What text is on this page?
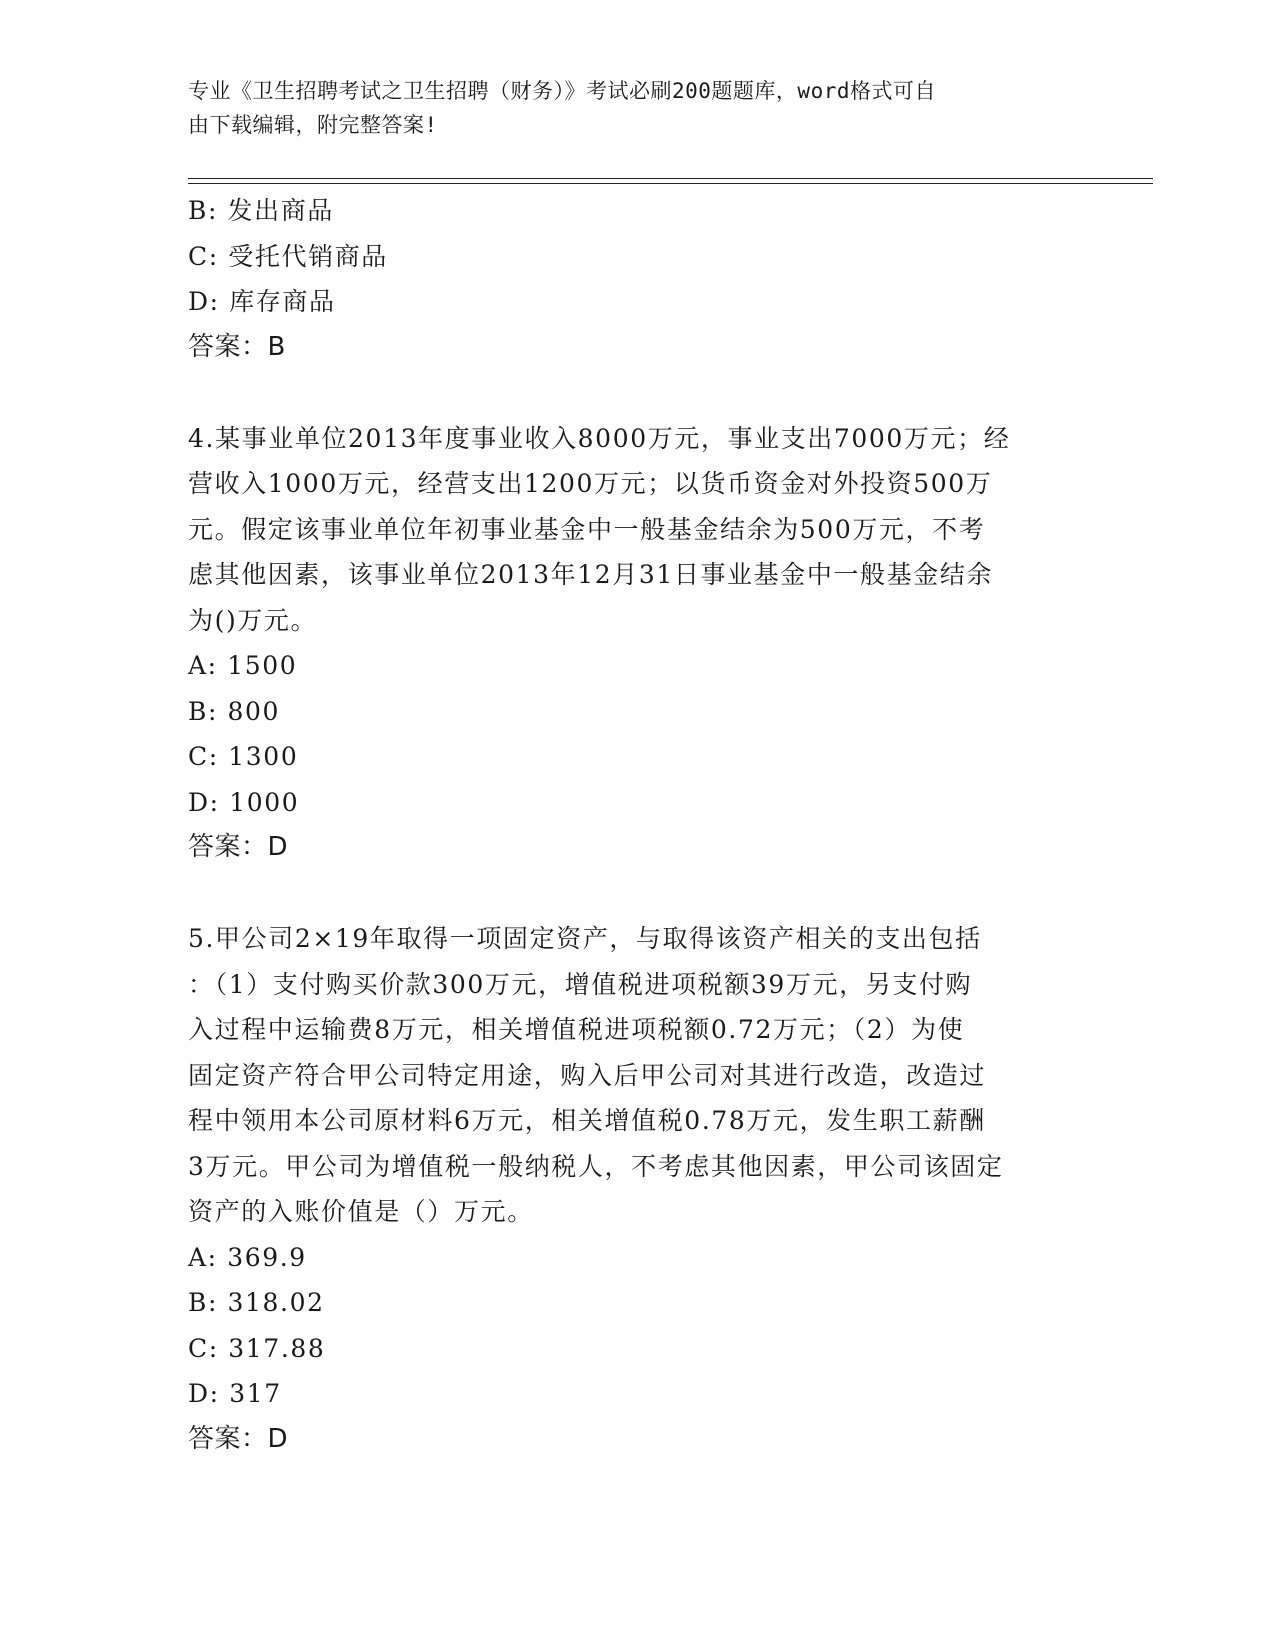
专业《卫生招聘考试之卫生招聘（财务）》考试必刷200题题库，word格式可自
由下载编辑，附完整答案!
B: 发出商品
C: 受托代销商品
D: 库存商品
答案：B
4.某事业单位2013年度事业收入8000万元，事业支出7000万元；经
营收入1000万元，经营支出1200万元；以货币资金对外投资500万
元。假定该事业单位年初事业基金中一般基金结余为500万元，不考
虑其他因素，该事业单位2013年12月31日事业基金中一般基金结余
为()万元。
A: 1500
B: 800
C: 1300
D: 1000
答案：D
5.甲公司2×19年取得一项固定资产，与取得该资产相关的支出包括
：（1）支付购买价款300万元，增值税进项税额39万元，另支付购
入过程中运输费8万元，相关增值税进项税额0.72万元；（2）为使
固定资产符合甲公司特定用途，购入后甲公司对其进行改造，改造过
程中领用本公司原材料6万元，相关增值税0.78万元，发生职工薪酬
3万元。甲公司为增值税一般纳税人，不考虑其他因素，甲公司该固定
资产的入账价值是（）万元。
A: 369.9
B: 318.02
C: 317.88
D: 317
答案：D
